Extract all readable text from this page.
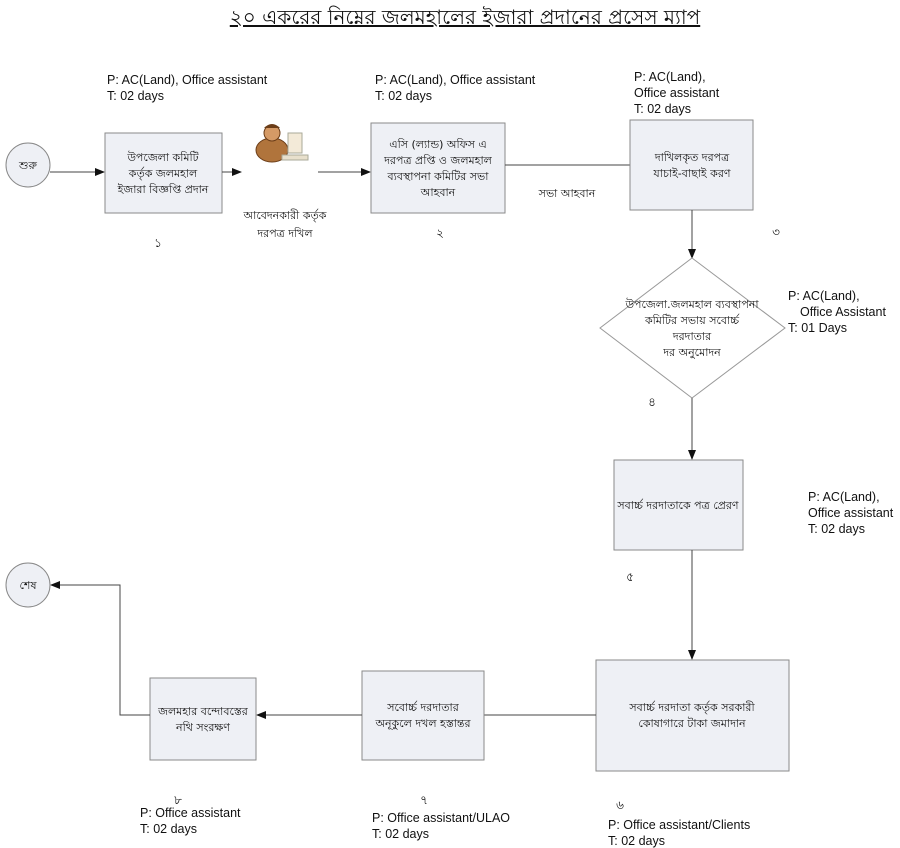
২০ একরের নিম্নের জলমহালের ইজারা প্রদানের প্রসেস ম্যাপ
শুরু
উপজেলা কমিটি
কর্তৃক জলমহাল
ইজারা বিজ্ঞপ্তি প্রদান
১
P: AC(Land), Office assistant
T: 02 days
আবেদনকারী কর্তৃক
দরপত্র দখিল
এসি (ল্যান্ড) অফিস এ
দরপত্র প্রপ্তি ও জলমহাল
ব্যবস্থাপনা কমিটির সভা
আহবান
২
P: AC(Land), Office assistant
T: 02 days
সভা আহবান
দাখিলকৃত দরপত্র
যাচাই-বাছাই করণ
৩
P: AC(Land),
Office assistant
T: 02 days
উপজেলা.জলমহাল ব্যবস্থাপনা
কমিটির সভায় সবোর্চ্চ
দরদাতার
দর অনুমোদন
৪
P: AC(Land),
Office Assistant
T: 01 Days
সবার্চ্চ দরদাতাকে পত্র প্রেরণ
৫
P: AC(Land),
Office assistant
T: 02 days
সবার্চ্চ দরদাতা কর্তৃক সরকারী
কোষাগারে টাকা জমাদান
৬
P: Office assistant/Clients
T: 02 days
সবোর্চ্চ দরদাতার
অনূকুলে দখল হস্তান্তর
৭
P: Office assistant/ULAO
T: 02 days
জলমহার বন্দোবস্তের
নথি সংরক্ষণ
৮
P: Office assistant
T: 02 days
শেষ
